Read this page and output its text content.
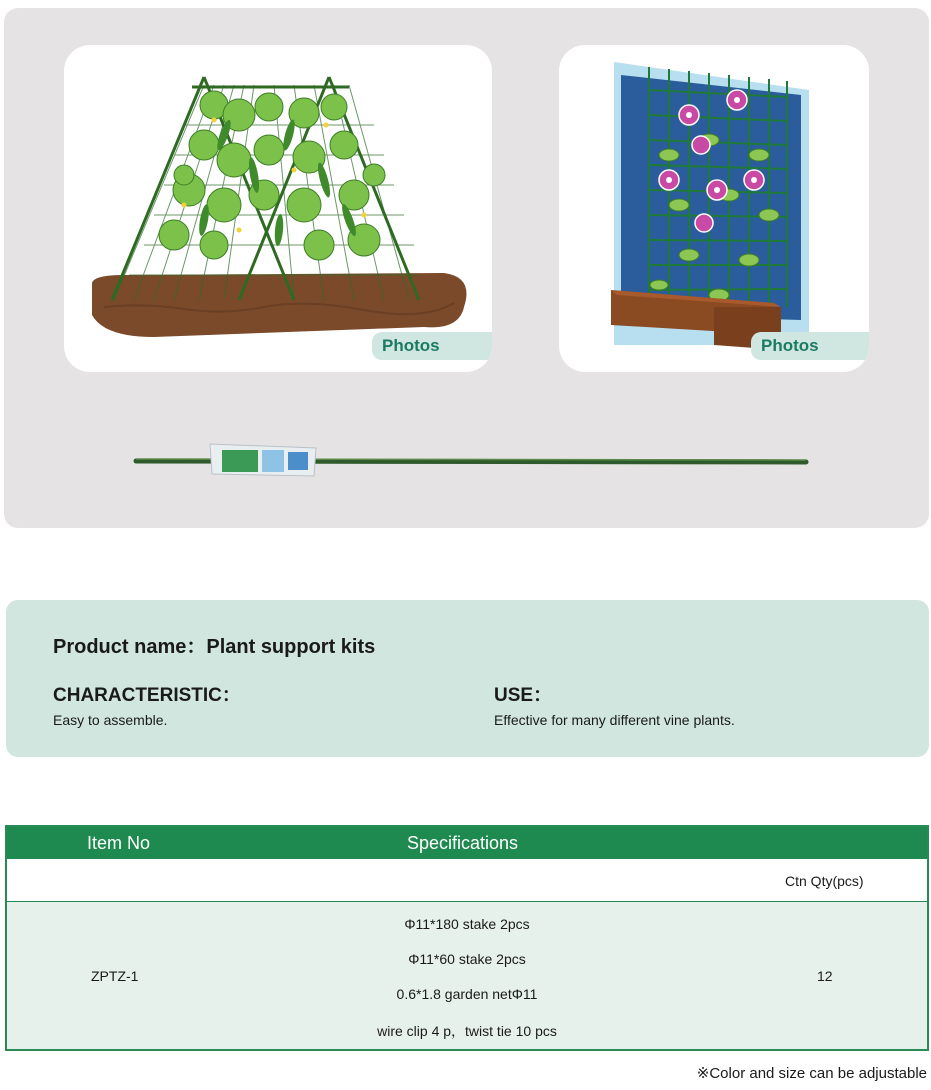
Photos	Photos
Product name：Plant support kits
CHARACTERISTIC：
Easy to assemble.
USE：
Effective for many different vine plants.
Item No	Specifications
Ctn Qty(pcs)
ZPTZ-1
Φ11*180 stake 2pcs
Φ11*60 stake 2pcs
0.6*1.8 garden netΦ11
wire clip 4 p，twist tie 10 pcs
12
※Color and size can be adjustable
